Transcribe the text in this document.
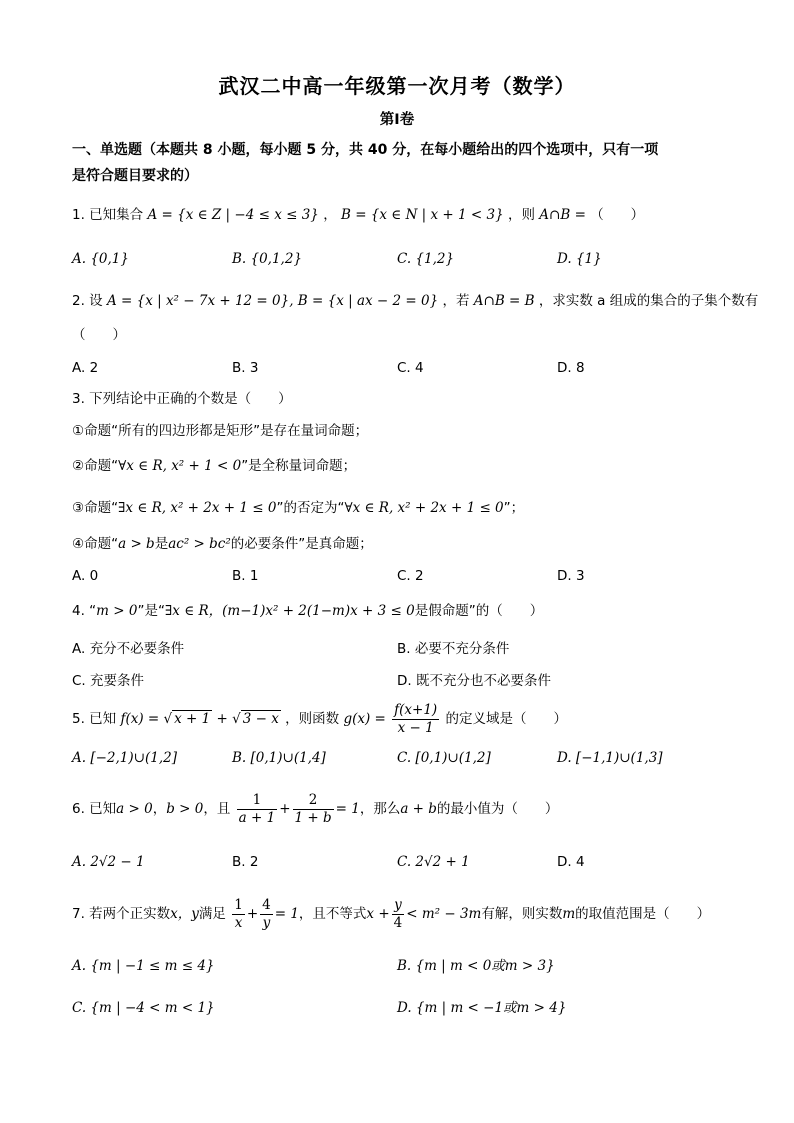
武汉二中高一年级第一次月考（数学）
第Ⅰ卷
一、单选题（本题共 8 小题，每小题 5 分，共 40 分，在每小题给出的四个选项中，只有一项
是符合题目要求的）
1. 已知集合 A = {x ∈ Z | −4 ≤ x ≤ 3} ， B = {x ∈ N | x + 1 < 3} ，则 A∩B = （　　）
A. {0,1}	B. {0,1,2}	C. {1,2}	D. {1}
2. 设 A = {x | x² − 7x + 12 = 0}, B = {x | ax − 2 = 0} ，若 A∩B = B ，求实数 a 组成的集合的子集个数有
（　　）
A. 2	B. 3	C. 4	D. 8
3. 下列结论中正确的个数是（　　）
①命题“所有的四边形都是矩形”是存在量词命题；
②命题“∀x ∈ R, x² + 1 < 0”是全称量词命题；
③命题“∃x ∈ R, x² + 2x + 1 ≤ 0”的否定为“∀x ∈ R, x² + 2x + 1 ≤ 0”；
④命题“a > b是ac² > bc²的必要条件”是真命题；
A. 0	B. 1	C. 2	D. 3
4. “m > 0”是“∃x ∈ R，(m−1)x² + 2(1−m)x + 3 ≤ 0是假命题”的（　　）
A. 充分不必要条件	B. 必要不充分条件
C. 充要条件	D. 既不充分也不必要条件
5. 已知 f(x) = √ x + 1 + √ 3 − x ，则函数 $g(x) = \frac{f(x+1)}{x - 1}$ 的定义域是（　　）
A. [−2,1)∪(1,2]	B. [0,1)∪(1,4]	C. [0,1)∪(1,2]	D. [−1,1)∪(1,3]
6. 已知a > 0，b > 0，且 $\frac{1}{a + 1} + \frac{2}{1 + b} = 1$，那么a + b的最小值为（　　）
A. 2√2 − 1	B. 2	C. 2√2 + 1	D. 4
7. 若两个正实数x，y满足 $\frac{1}{x} + \frac{4}{y} = 1$，且不等式$x + \frac{y}{4} < m^2 - 3m$有解，则实数m的取值范围是（　　）
A. {m | −1 ≤ m ≤ 4}	B. {m | m < 0或m > 3}
C. {m | −4 < m < 1}	D. {m | m < −1或m > 4}
